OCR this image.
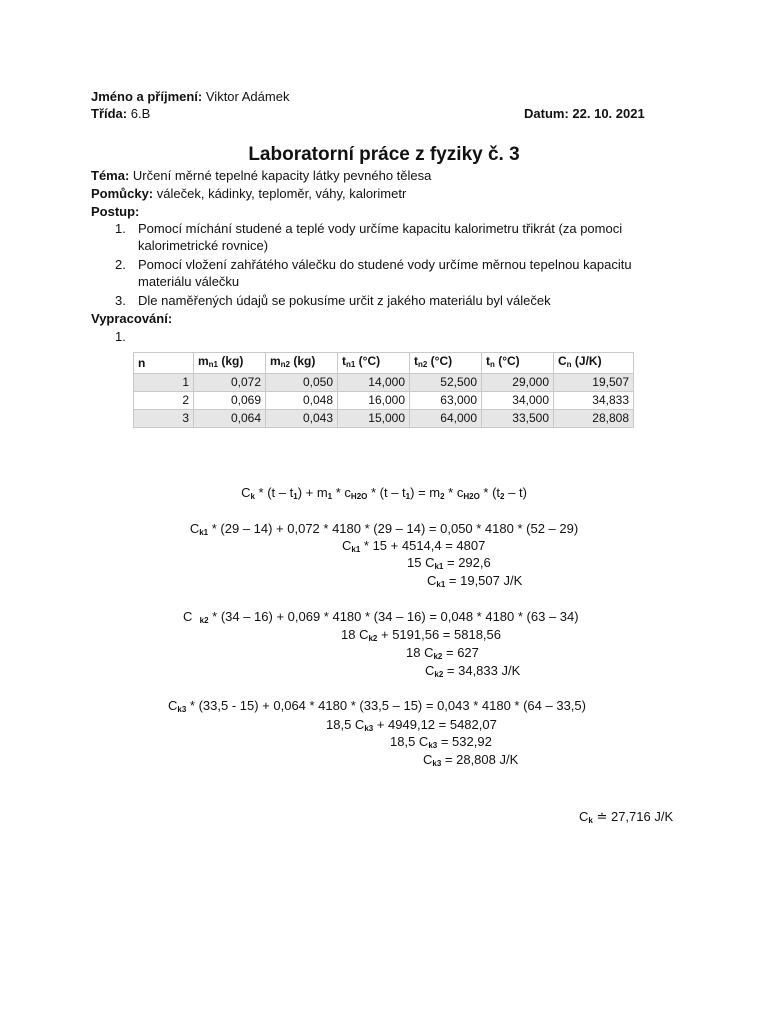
Jméno a příjmení: Viktor Adámek
Třída: 6.B	Datum: 22. 10. 2021
Laboratorní práce z fyziky č. 3
Téma: Určení měrné tepelné kapacity látky pevného tělesa
Pomůcky: váleček, kádinky, teploměr, váhy, kalorimetr
Postup:
1. Pomocí míchání studené a teplé vody určíme kapacitu kalorimetru třikrát (za pomoci kalorimetrické rovnice)
2. Pomocí vložení zahřátého válečku do studené vody určíme měrnou tepelnou kapacitu materiálu válečku
3. Dle naměřených údajů se pokusíme určit z jakého materiálu byl váleček
Vypracování:
1.
n	$m_{n1}$ (kg)	$m_{n2}$ (kg)	$t_{n1}$ (°C)	$t_{n2}$ (°C)	$t_n$ (°C)	$C_n$ (J/K)
1	0,072	0,050	14,000	52,500	29,000	19,507
2	0,069	0,048	16,000	63,000	34,000	34,833
3	0,064	0,043	15,000	64,000	33,500	28,808
$C_k * (t - t_1) + m_1 * c_{H2O} * (t - t_1) = m_2 * c_{H2O} * (t_2 - t)$
$C_{k1} * (29 - 14) + 0,072 * 4180 * (29 - 14) = 0,050 * 4180 * (52 - 29)$
$C_{k1} * 15 + 4514,4 = 4807$
15 $C_{k1} = 292,6$
$C_{k1} = 19,507$ J/K
C $_{k2}$ * (34 – 16) + 0,069 * 4180 * (34 – 16) = 0,048 * 4180 * (63 – 34)
18 $C_{k2} + 5191,56 = 5818,56$
18 $C_{k2} = 627$
$C_{k2} = 34,833$ J/K
$C_{k3} * (33,5 - 15) + 0,064 * 4180 * (33,5 - 15) = 0,043 * 4180 * (64 - 33,5)$
18,5 $C_{k3} + 4949,12 = 5482,07$
18,5 $C_{k3} = 532,92$
$C_{k3} = 28,808$ J/K
$C_k$ ≐ 27,716 J/K
